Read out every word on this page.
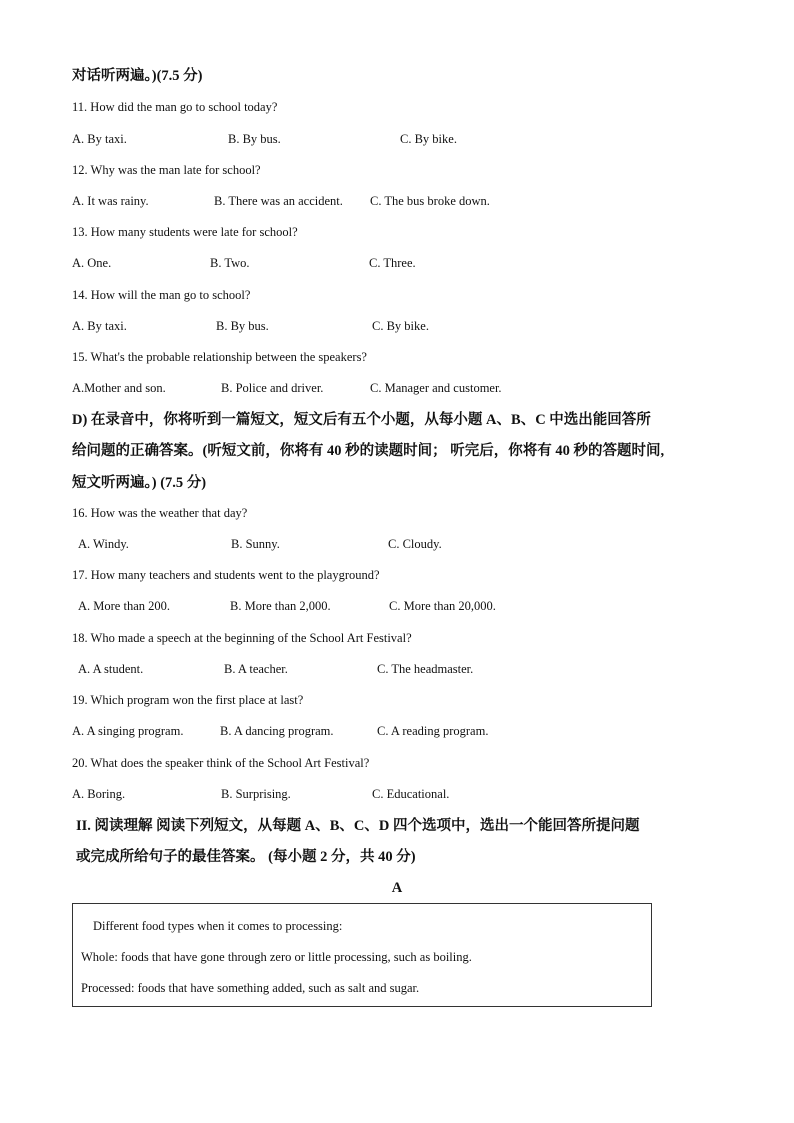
对话听两遍。)(7.5 分)
11. How did the man go to school today?
A. By taxi.	B. By bus.	C. By bike.
12. Why was the man late for school?
A. It was rainy.	B. There was an accident. C. The bus broke down.
13. How many students were late for school?
A. One.	B. Two.	C. Three.
14. How will the man go to school?
A. By taxi.	B. By bus.	C. By bike.
15. What's the probable relationship between the speakers?
A.Mother and son.	B. Police and driver.	C. Manager and customer.
D) 在录音中，你将听到一篇短文，短文后有五个小题，从每小题 A、B、C 中选出能回答所
给问题的正确答案。(听短文前，你将有 40 秒的读题时间； 听完后，你将有 40 秒的答题时间,
短文听两遍。) (7.5 分)
16. How was the weather that day?
A. Windy.	B. Sunny.	C. Cloudy.
17. How many teachers and students went to the playground?
A. More than 200.	B. More than 2,000.	C. More than 20,000.
18. Who made a speech at the beginning of the School Art Festival?
A. A student.	B. A teacher.	C. The headmaster.
19. Which program won the first place at last?
A. A singing program.	B. A dancing program.	C. A reading program.
20. What does the speaker think of the School Art Festival?
A. Boring.	B. Surprising.	C. Educational.
II. 阅读理解 阅读下列短文，从每题 A、B、C、D 四个选项中，选出一个能回答所提问题
或完成所给句子的最佳答案。 (每小题 2 分，共 40 分)
A
Different food types when it comes to processing:
Whole: foods that have gone through zero or little processing, such as boiling.
Processed: foods that have something added, such as salt and sugar.
